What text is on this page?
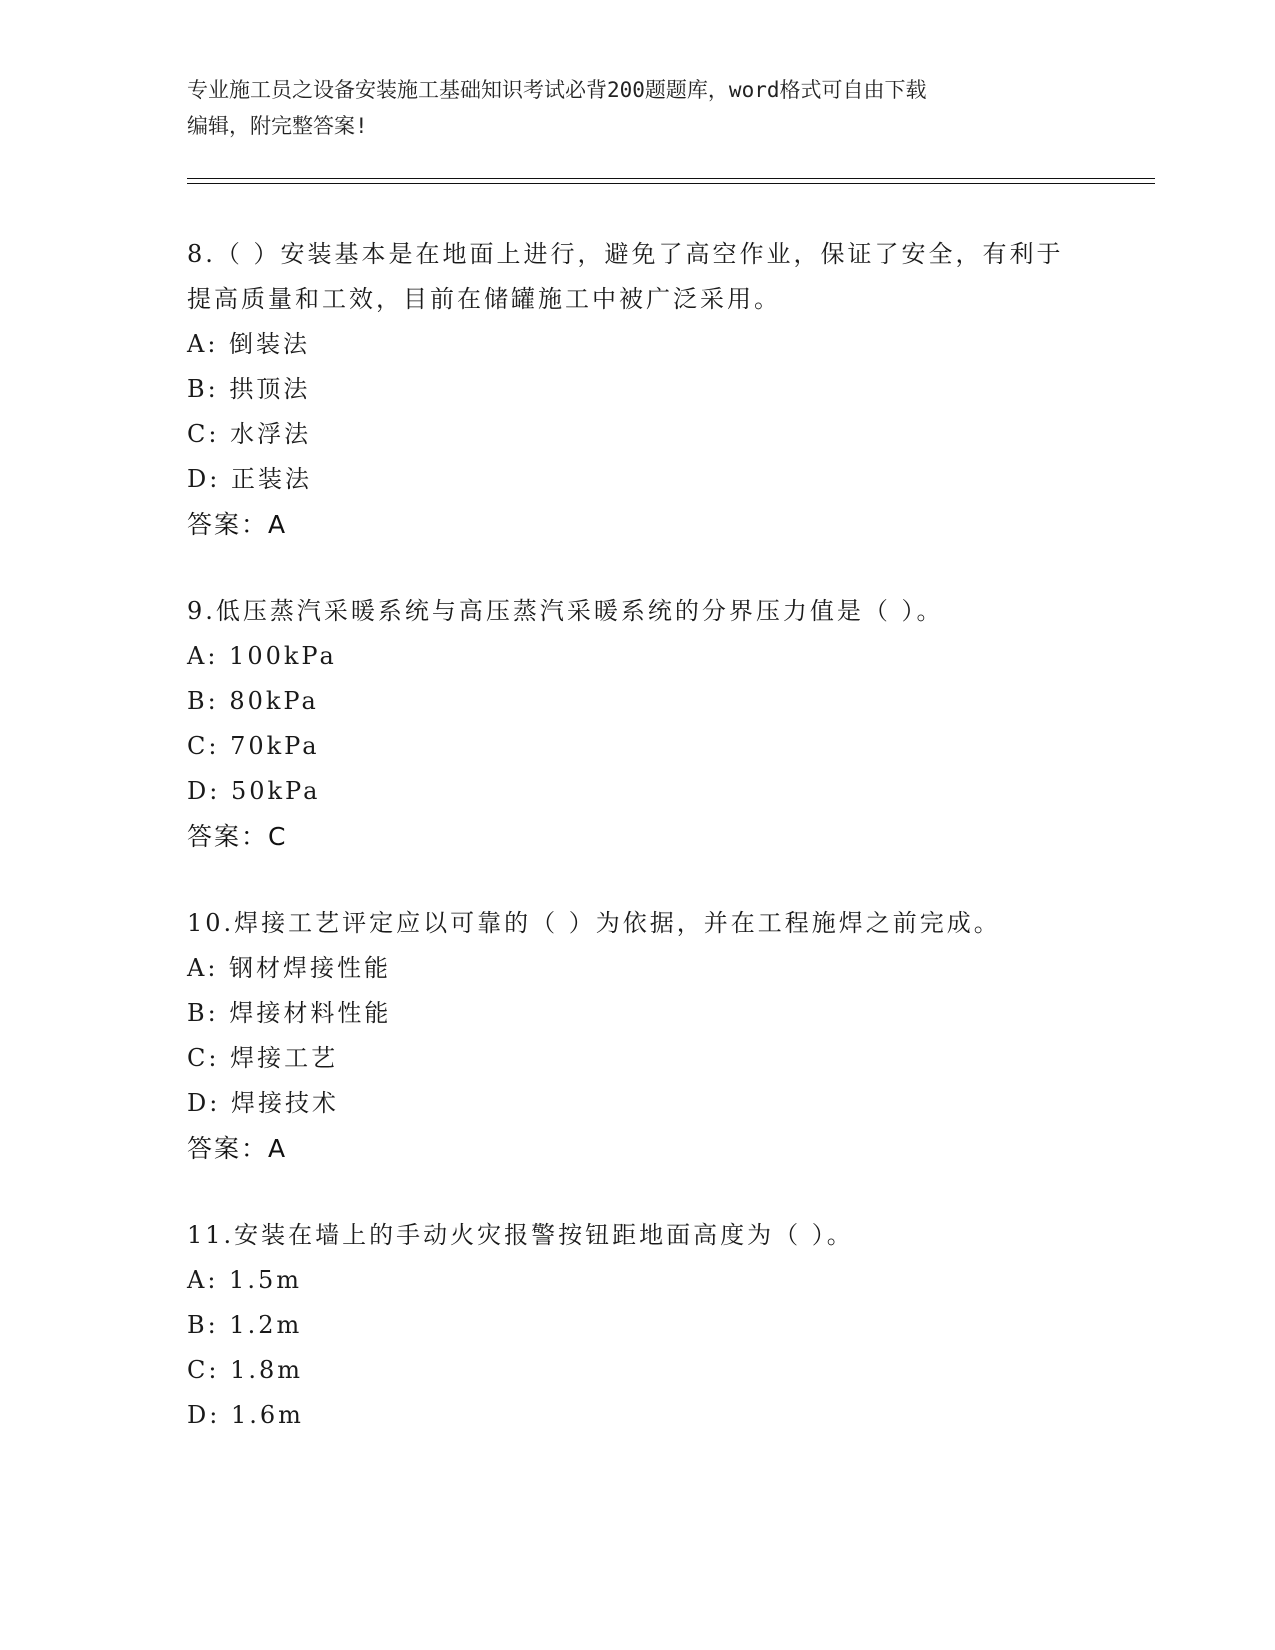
专业施工员之设备安装施工基础知识考试必背200题题库，word格式可自由下载
编辑，附完整答案!
8.（ ）安装基本是在地面上进行，避免了高空作业，保证了安全，有利于提高质量和工效，目前在储罐施工中被广泛采用。
A: 倒装法
B: 拱顶法
C: 水浮法
D: 正装法
答案：A
9.低压蒸汽采暖系统与高压蒸汽采暖系统的分界压力值是（ ）。
A: 100kPa
B: 80kPa
C: 70kPa
D: 50kPa
答案：C
10.焊接工艺评定应以可靠的（ ）为依据，并在工程施焊之前完成。
A: 钢材焊接性能
B: 焊接材料性能
C: 焊接工艺
D: 焊接技术
答案：A
11.安装在墙上的手动火灾报警按钮距地面高度为（ ）。
A: 1.5m
B: 1.2m
C: 1.8m
D: 1.6m
